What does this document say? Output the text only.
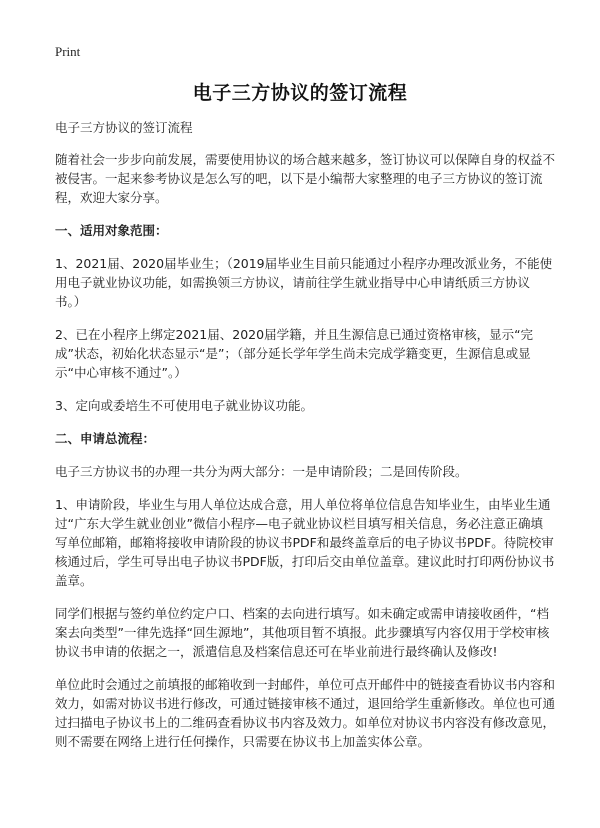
Print
电子三方协议的签订流程

电子三方协议的签订流程

随着社会一步步向前发展，需要使用协议的场合越来越多，签订协议可以保障自身的权益不被侵害。一起来参考协议是怎么写的吧，以下是小编帮大家整理的电子三方协议的签订流程，欢迎大家分享。

一、适用对象范围：

1、2021届、2020届毕业生；（2019届毕业生目前只能通过小程序办理改派业务，不能使用电子就业协议功能，如需换领三方协议，请前往学生就业指导中心申请纸质三方协议书。）

2、已在小程序上绑定2021届、2020届学籍，并且生源信息已通过资格审核，显示“完成”状态，初始化状态显示“是”；（部分延长学年学生尚未完成学籍变更，生源信息或显示“中心审核不通过”。）

3、定向或委培生不可使用电子就业协议功能。

二、申请总流程：

电子三方协议书的办理一共分为两大部分：一是申请阶段；二是回传阶段。

1、申请阶段，毕业生与用人单位达成合意，用人单位将单位信息告知毕业生，由毕业生通过“广东大学生就业创业”微信小程序—电子就业协议栏目填写相关信息，务必注意正确填写单位邮箱，邮箱将接收申请阶段的协议书PDF和最终盖章后的电子协议书PDF。待院校审核通过后，学生可导出电子协议书PDF版，打印后交由单位盖章。建议此时打印两份协议书盖章。

同学们根据与签约单位约定户口、档案的去向进行填写。如未确定或需申请接收函件，“档案去向类型”一律先选择“回生源地”，其他项目暂不填报。此步骤填写内容仅用于学校审核协议书申请的依据之一，派遣信息及档案信息还可在毕业前进行最终确认及修改!

单位此时会通过之前填报的邮箱收到一封邮件，单位可点开邮件中的链接查看协议书内容和效力，如需对协议书进行修改，可通过链接审核不通过，退回给学生重新修改。单位也可通过扫描电子协议书上的二维码查看协议书内容及效力。如单位对协议书内容没有修改意见，则不需要在网络上进行任何操作，只需要在协议书上加盖实体公章。
